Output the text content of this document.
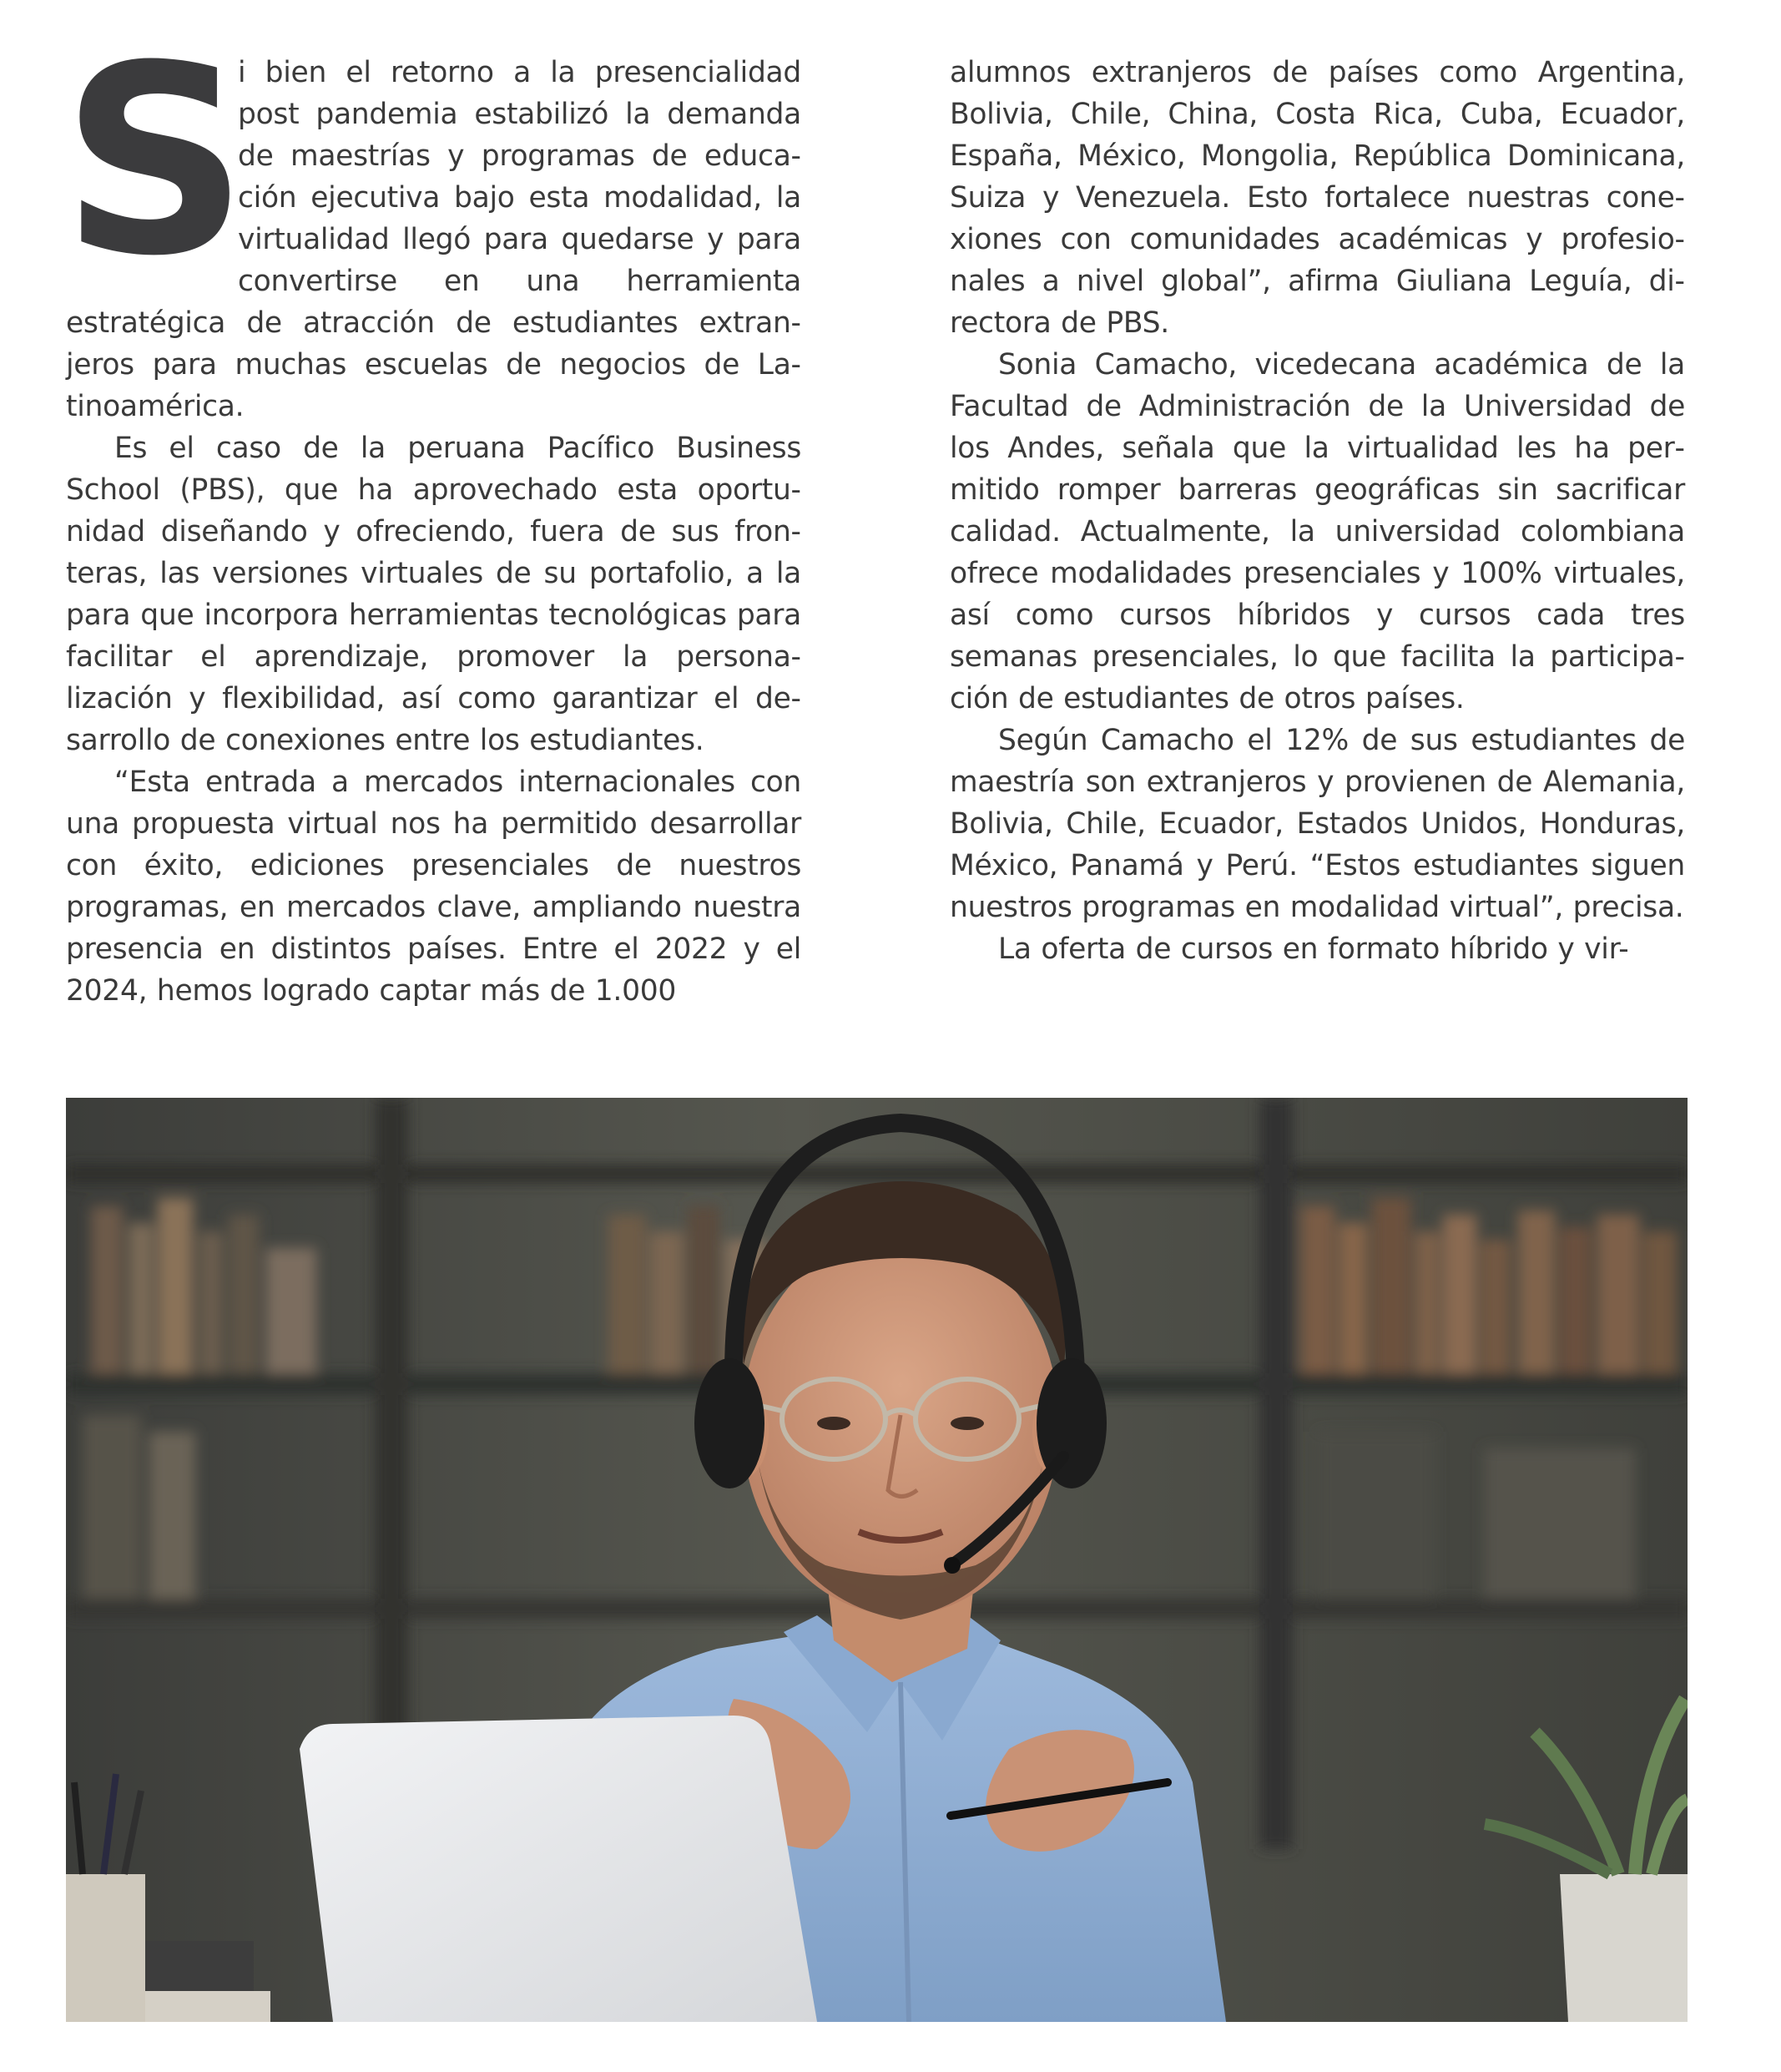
S
i bien el retorno a la presencialidad post pandemia estabilizó la demanda de maestrías y programas de educación ejecutiva bajo esta modalidad, la virtualidad llegó para quedarse y para convertirse en una herramienta estratégica de atracción de estudiantes extranjeros para muchas escuelas de negocios de Latinoamérica.

Es el caso de la peruana Pacífico Business School (PBS), que ha aprovechado esta oportunidad diseñando y ofreciendo, fuera de sus fronteras, las versiones virtuales de su portafolio, a la para que incorpora herramientas tecnológicas para facilitar el aprendizaje, promover la personalización y flexibilidad, así como garantizar el desarrollo de conexiones entre los estudiantes.

“Esta entrada a mercados internacionales con una propuesta virtual nos ha permitido desarrollar con éxito, ediciones presenciales de nuestros programas, en mercados clave, ampliando nuestra presencia en distintos países. Entre el 2022 y el 2024, hemos logrado captar más de 1.000

alumnos extranjeros de países como Argentina, Bolivia, Chile, China, Costa Rica, Cuba, Ecuador, España, México, Mongolia, República Dominicana, Suiza y Venezuela. Esto fortalece nuestras conexiones con comunidades académicas y profesionales a nivel global”, afirma Giuliana Leguía, directora de PBS.

Sonia Camacho, vicedecana académica de la Facultad de Administración de la Universidad de los Andes, señala que la virtualidad les ha permitido romper barreras geográficas sin sacrificar calidad. Actualmente, la universidad colombiana ofrece modalidades presenciales y 100% virtuales, así como cursos híbridos y cursos cada tres semanas presenciales, lo que facilita la participación de estudiantes de otros países.

Según Camacho el 12% de sus estudiantes de maestría son extranjeros y provienen de Alemania, Bolivia, Chile, Ecuador, Estados Unidos, Honduras, México, Panamá y Perú. “Estos estudiantes siguen nuestros programas en modalidad virtual”, precisa.

La oferta de cursos en formato híbrido y vir-
